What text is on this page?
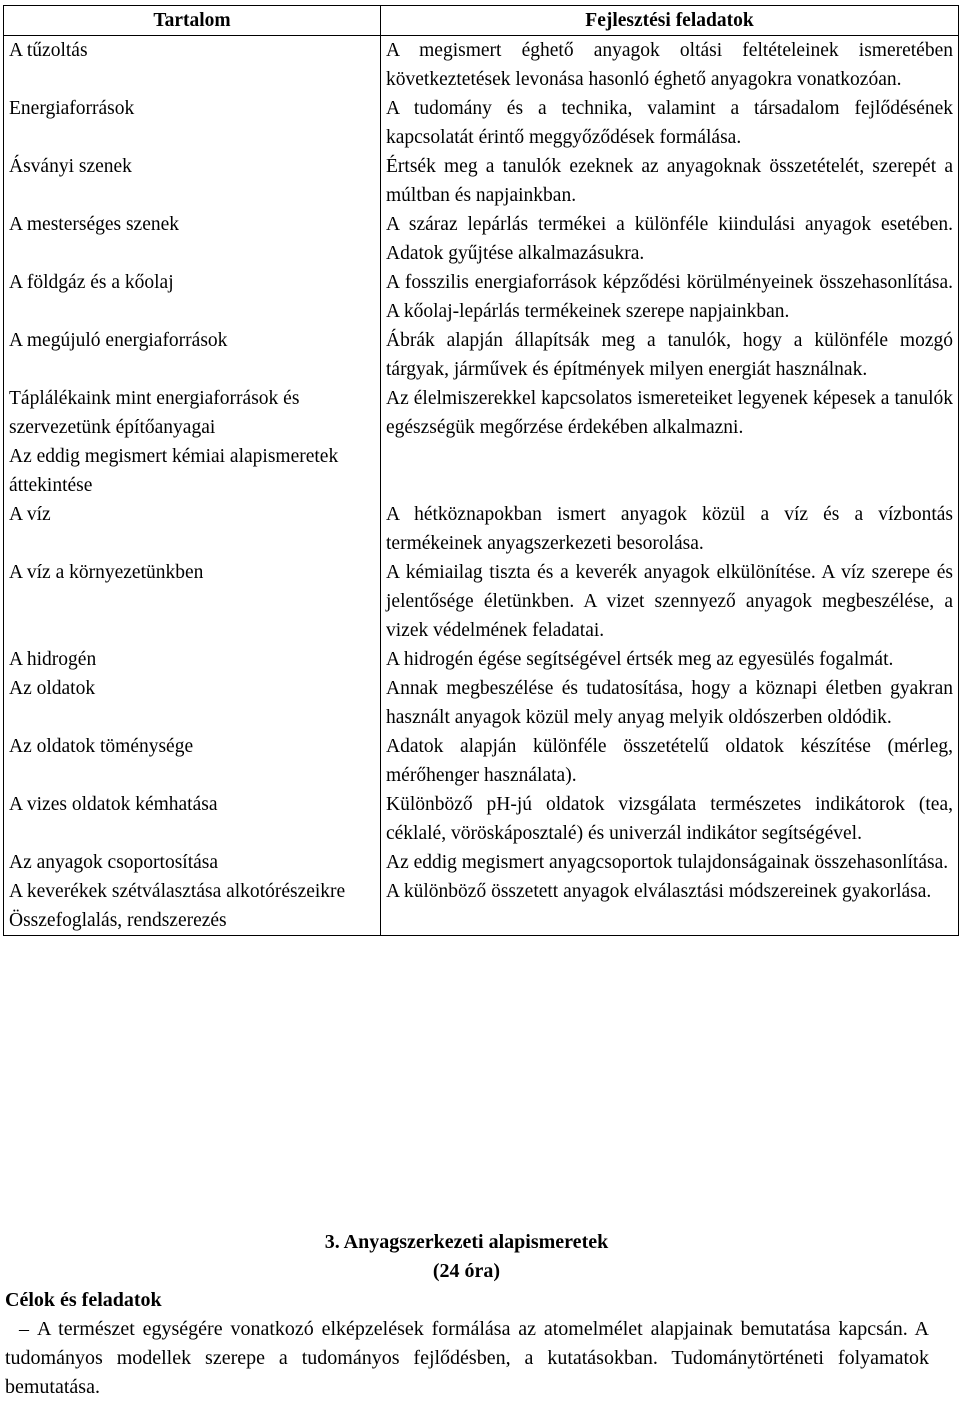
Tartalom	Fejlesztési feladatok
A tűzoltás	A megismert éghető anyagok oltási feltételeinek ismeretében következtetések levonása hasonló éghető anyagokra vonatkozóan.
Energiaforrások	A tudomány és a technika, valamint a társadalom fejlődésének kapcsolatát érintő meggyőződések formálása.
Ásványi szenek	Értsék meg a tanulók ezeknek az anyagoknak összetételét, szerepét a múltban és napjainkban.
A mesterséges szenek	A száraz lepárlás termékei a különféle kiindulási anyagok esetében. Adatok gyűjtése alkalmazásukra.
A földgáz és a kőolaj	A fosszilis energiaforrások képződési körülményeinek összehasonlítása. A kőolaj-lepárlás termékeinek szerepe napjainkban.
A megújuló energiaforrások	Ábrák alapján állapítsák meg a tanulók, hogy a különféle mozgó tárgyak, járművek és építmények milyen energiát használnak.
Táplálékaink mint energiaforrások és szervezetünk építőanyagai	Az élelmiszerekkel kapcsolatos ismereteiket legyenek képesek a tanulók egészségük megőrzése érdekében alkalmazni.
Az eddig megismert kémiai alapismeretek áttekintése	
A víz	A hétköznapokban ismert anyagok közül a víz és a vízbontás termékeinek anyagszerkezeti besorolása.
A víz a környezetünkben	A kémiailag tiszta és a keverék anyagok elkülönítése. A víz szerepe és jelentősége életünkben. A vizet szennyező anyagok megbeszélése, a vizek védelmének feladatai.
A hidrogén	A hidrogén égése segítségével értsék meg az egyesülés fogalmát.
Az oldatok	Annak megbeszélése és tudatosítása, hogy a köznapi életben gyakran használt anyagok közül mely anyag melyik oldószerben oldódik.
Az oldatok töménysége	Adatok alapján különféle összetételű oldatok készítése (mérleg, mérőhenger használata).
A vizes oldatok kémhatása	Különböző pH-jú oldatok vizsgálata természetes indikátorok (tea, céklalé, vöröskáposztalé) és univerzál indikátor segítségével.
Az anyagok csoportosítása	Az eddig megismert anyagcsoportok tulajdonságainak összehasonlítása.
A keverékek szétválasztása alkotórészeikre	A különböző összetett anyagok elválasztási módszereinek gyakorlása.
Összefoglalás, rendszerezés	
3. Anyagszerkezeti alapismeretek
(24 óra)
Célok és feladatok
– A természet egységére vonatkozó elképzelések formálása az atomelmélet alapjainak bemutatása kapcsán. A tudományos modellek szerepe a tudományos fejlődésben, a kutatásokban. Tudománytörténeti folyamatok bemutatása.
